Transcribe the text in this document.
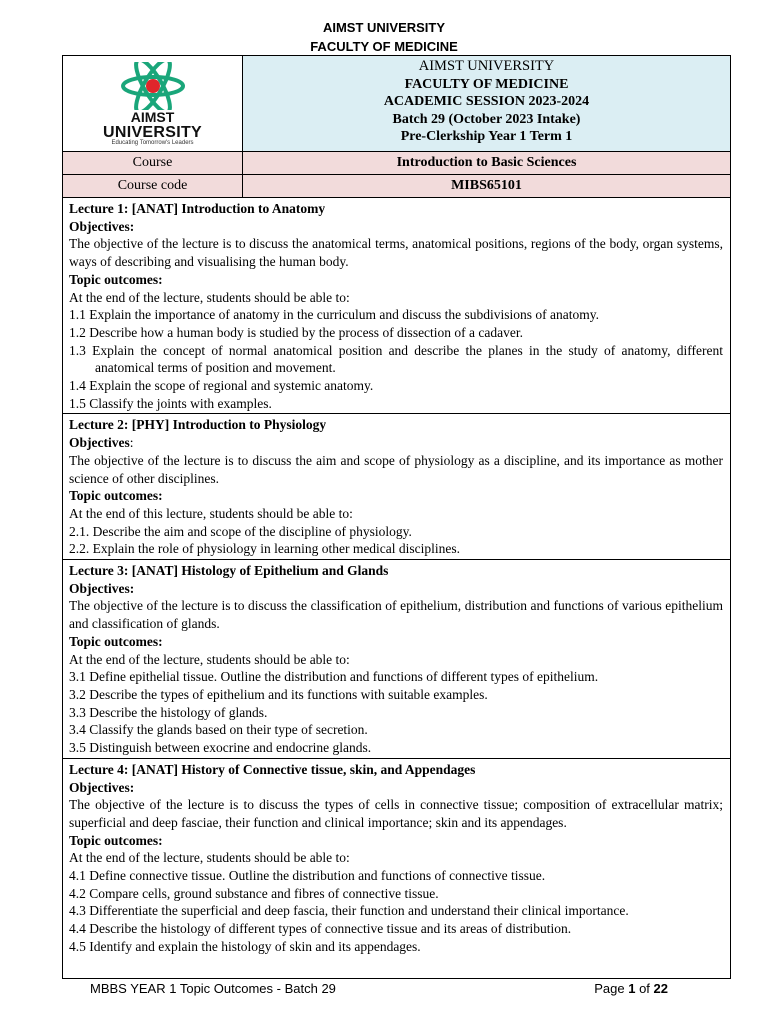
AIMST UNIVERSITY
FACULTY OF MEDICINE
AIMST
UNIVERSITY
Educating Tomorrow's Leaders
AIMST UNIVERSITY
FACULTY OF MEDICINE
ACADEMIC SESSION 2023-2024
Batch 29 (October 2023 Intake)
Pre-Clerkship Year 1 Term 1
Course	Introduction to Basic Sciences
Course code	MIBS65101
Lecture 1: [ANAT] Introduction to Anatomy
Objectives:
The objective of the lecture is to discuss the anatomical terms, anatomical positions, regions of the body, organ systems, ways of describing and visualising the human body.
Topic outcomes:
At the end of the lecture, students should be able to:
1.1 Explain the importance of anatomy in the curriculum and discuss the subdivisions of anatomy.
1.2 Describe how a human body is studied by the process of dissection of a cadaver.
1.3 Explain the concept of normal anatomical position and describe the planes in the study of anatomy, different anatomical terms of position and movement.
1.4 Explain the scope of regional and systemic anatomy.
1.5 Classify the joints with examples.
Lecture 2: [PHY] Introduction to Physiology
Objectives:
The objective of the lecture is to discuss the aim and scope of physiology as a discipline, and its importance as mother science of other disciplines.
Topic outcomes:
At the end of this lecture, students should be able to:
2.1. Describe the aim and scope of the discipline of physiology.
2.2. Explain the role of physiology in learning other medical disciplines.
Lecture 3: [ANAT] Histology of Epithelium and Glands
Objectives:
The objective of the lecture is to discuss the classification of epithelium, distribution and functions of various epithelium and classification of glands.
Topic outcomes:
At the end of the lecture, students should be able to:
3.1 Define epithelial tissue. Outline the distribution and functions of different types of epithelium.
3.2 Describe the types of epithelium and its functions with suitable examples.
3.3 Describe the histology of glands.
3.4 Classify the glands based on their type of secretion.
3.5 Distinguish between exocrine and endocrine glands.
Lecture 4: [ANAT] History of Connective tissue, skin, and Appendages
Objectives:
The objective of the lecture is to discuss the types of cells in connective tissue; composition of extracellular matrix; superficial and deep fasciae, their function and clinical importance; skin and its appendages.
Topic outcomes:
At the end of the lecture, students should be able to:
4.1 Define connective tissue. Outline the distribution and functions of connective tissue.
4.2 Compare cells, ground substance and fibres of connective tissue.
4.3 Differentiate the superficial and deep fascia, their function and understand their clinical importance.
4.4 Describe the histology of different types of connective tissue and its areas of distribution.
4.5 Identify and explain the histology of skin and its appendages.
MBBS YEAR 1 Topic Outcomes - Batch 29	Page 1 of 22
